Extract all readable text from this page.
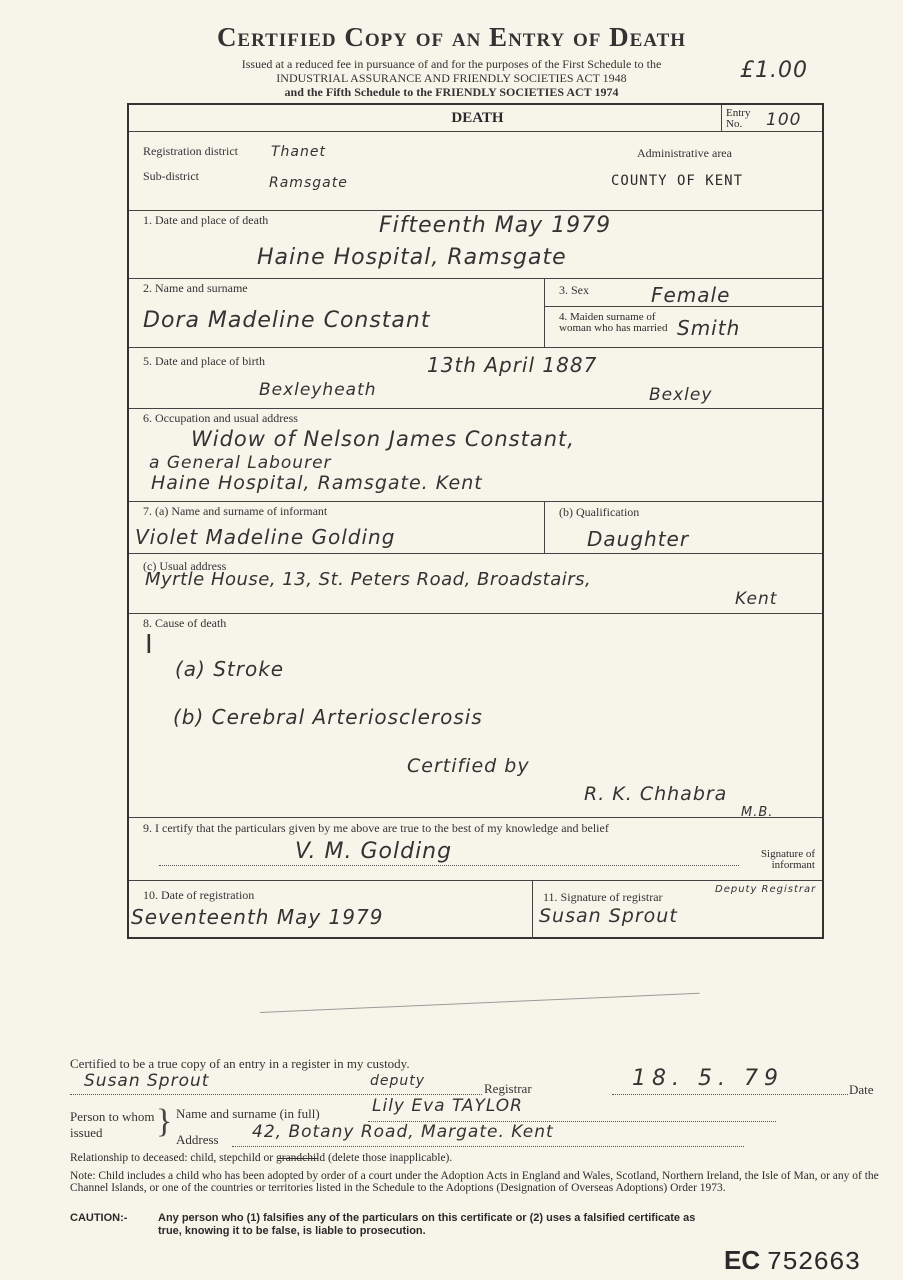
Certified Copy of an Entry of Death
Issued at a reduced fee in pursuance of and for the purposes of the First Schedule to the
INDUSTRIAL ASSURANCE AND FRIENDLY SOCIETIES ACT 1948
and the Fifth Schedule to the FRIENDLY SOCIETIES ACT 1974
£1.00
DEATH	Entry No.	100
Registration district Thanet
Sub-district	Ramsgate
Administrative area
COUNTY OF KENT
1. Date and place of death	Fifteenth May 1979
Haine Hospital, Ramsgate
2. Name and surname
Dora Madeline Constant
3. Sex	Female
4. Maiden surname of woman who has married Smith
5. Date and place of birth	13th April 1887
Bexleyheath	Bexley
6. Occupation and usual address
Widow of Nelson James Constant,
a General Labourer
Haine Hospital, Ramsgate. Kent
7. (a) Name and surname of informant
Violet Madeline Golding
(b) Qualification
Daughter
(c) Usual address
Myrtle House, 13, St. Peters Road, Broadstairs,
Kent
8. Cause of death
I
(a) Stroke
(b) Cerebral Arteriosclerosis
Certified by
R. K. Chhabra
M.B.
9. I certify that the particulars given by me above are true to the best of my knowledge and belief
V. M. Golding	Signature of informant
10. Date of registration
Seventeenth May 1979
11. Signature of registrar
Susan Sprout
Deputy Registrar
Certified to be a true copy of an entry in a register in my custody.
Susan Sprout	deputy	Registrar	18. 5. 79	Date
Person to whom issued	} Name and surname (in full)	Lily Eva TAYLOR
Address 42, Botany Road, Margate. Kent
Relationship to deceased: child, stepchild or grandchild (delete those inapplicable).
Note: Child includes a child who has been adopted by order of a court under the Adoption Acts in England and Wales, Scotland, Northern Ireland, the Isle of Man, or any of the Channel Islands, or one of the countries or territories listed in the Schedule to the Adoptions (Designation of Overseas Adoptions) Order 1973.
CAUTION:-	Any person who (1) falsifies any of the particulars on this certificate or (2) uses a falsified certificate as true, knowing it to be false, is liable to prosecution.
EC 752663
